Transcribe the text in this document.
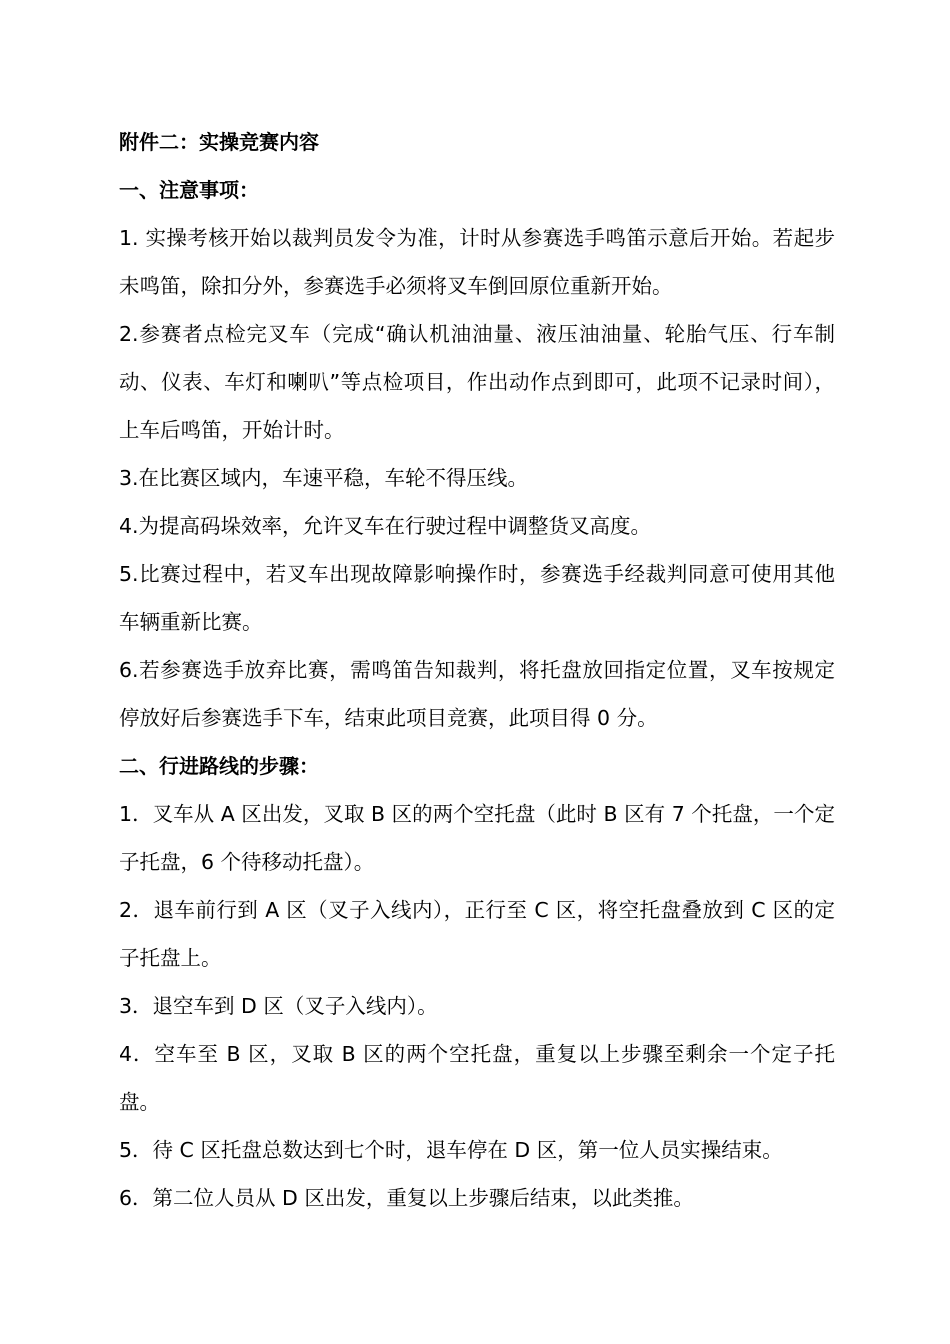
附件二：实操竞赛内容

一、注意事项：

1. 实操考核开始以裁判员发令为准，计时从参赛选手鸣笛示意后开始。若起步未鸣笛，除扣分外，参赛选手必须将叉车倒回原位重新开始。

2.参赛者点检完叉车（完成“确认机油油量、液压油油量、轮胎气压、行车制动、仪表、车灯和喇叭”等点检项目，作出动作点到即可，此项不记录时间），上车后鸣笛，开始计时。

3.在比赛区域内，车速平稳，车轮不得压线。

4.为提高码垛效率，允许叉车在行驶过程中调整货叉高度。

5.比赛过程中，若叉车出现故障影响操作时，参赛选手经裁判同意可使用其他车辆重新比赛。

6.若参赛选手放弃比赛，需鸣笛告知裁判，将托盘放回指定位置，叉车按规定停放好后参赛选手下车，结束此项目竞赛，此项目得 0 分。

二、行进路线的步骤：

1．叉车从 A 区出发，叉取 B 区的两个空托盘（此时 B 区有 7 个托盘，一个定子托盘，6 个待移动托盘）。

2．退车前行到 A 区（叉子入线内），正行至 C 区，将空托盘叠放到 C 区的定子托盘上。

3．退空车到 D 区（叉子入线内）。

4．空车至 B 区，叉取 B 区的两个空托盘，重复以上步骤至剩余一个定子托盘。

5．待 C 区托盘总数达到七个时，退车停在 D 区，第一位人员实操结束。

6．第二位人员从 D 区出发，重复以上步骤后结束，以此类推。
